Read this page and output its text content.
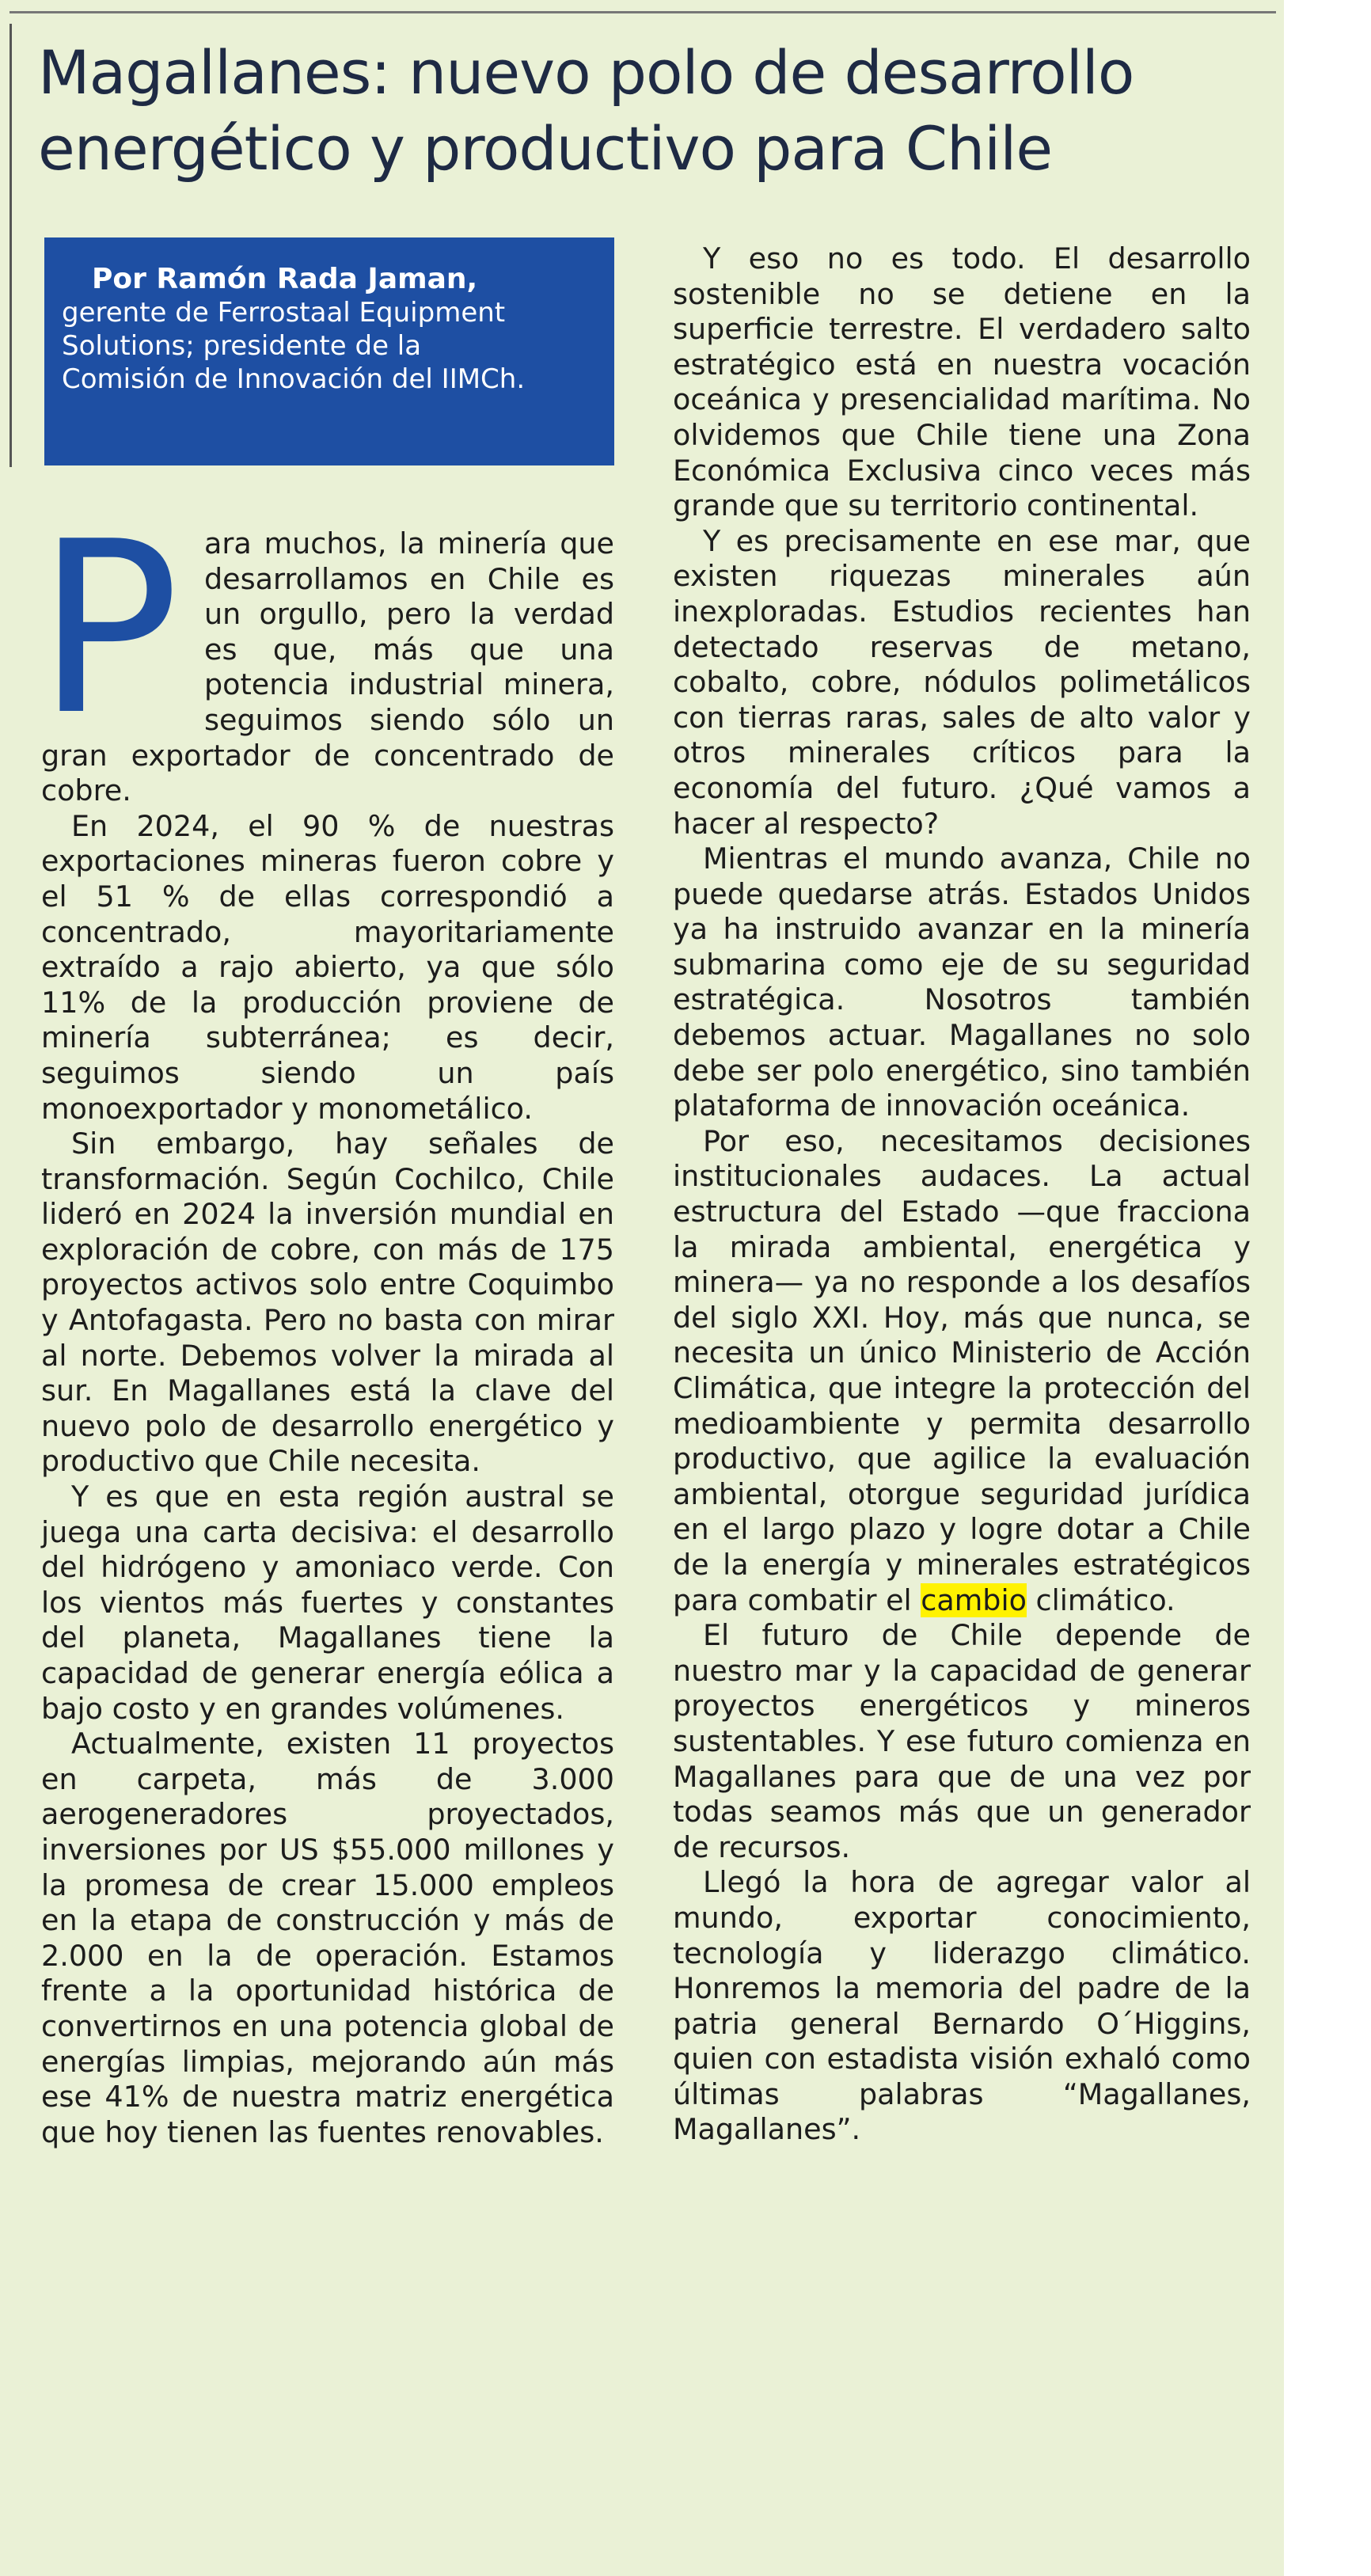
Magallanes: nuevo polo de desarrollo
energético y productivo para Chile
Por Ramón Rada Jaman,
gerente de Ferrostaal Equipment
Solutions; presidente de la
Comisión de Innovación del IIMCh.
P ara muchos, la minería que desarrollamos en Chile es un orgullo, pero la verdad es que, más que una potencia industrial minera, seguimos siendo sólo un gran exportador de concentrado de cobre.

En 2024, el 90 % de nuestras exportaciones mineras fueron cobre y el 51 % de ellas correspondió a concentrado, mayoritariamente extraído a rajo abierto, ya que sólo 11% de la producción proviene de minería subterránea; es decir, seguimos siendo un país monoexportador y monometálico.

Sin embargo, hay señales de transformación. Según Cochilco, Chile lideró en 2024 la inversión mundial en exploración de cobre, con más de 175 proyectos activos solo entre Coquimbo y Antofagasta. Pero no basta con mirar al norte. Debemos volver la mirada al sur. En Magallanes está la clave del nuevo polo de desarrollo energético y productivo que Chile necesita.

Y es que en esta región austral se juega una carta decisiva: el desarrollo del hidrógeno y amoniaco verde. Con los vientos más fuertes y constantes del planeta, Magallanes tiene la capacidad de generar energía eólica a bajo costo y en grandes volúmenes.

Actualmente, existen 11 proyectos en carpeta, más de 3.000 aerogeneradores proyectados, inversiones por US $55.000 millones y la promesa de crear 15.000 empleos en la etapa de construcción y más de 2.000 en la de operación. Estamos frente a la oportunidad histórica de convertirnos en una potencia global de energías limpias, mejorando aún más ese 41% de nuestra matriz energética que hoy tienen las fuentes renovables.

Y eso no es todo. El desarrollo sostenible no se detiene en la superficie terrestre. El verdadero salto estratégico está en nuestra vocación oceánica y presencialidad marítima. No olvidemos que Chile tiene una Zona Económica Exclusiva cinco veces más grande que su territorio continental.

Y es precisamente en ese mar, que existen riquezas minerales aún inexploradas. Estudios recientes han detectado reservas de metano, cobalto, cobre, nódulos polimetálicos con tierras raras, sales de alto valor y otros minerales críticos para la economía del futuro. ¿Qué vamos a hacer al respecto?

Mientras el mundo avanza, Chile no puede quedarse atrás. Estados Unidos ya ha instruido avanzar en la minería submarina como eje de su seguridad estratégica. Nosotros también debemos actuar. Magallanes no solo debe ser polo energético, sino también plataforma de innovación oceánica.

Por eso, necesitamos decisiones institucionales audaces. La actual estructura del Estado —que fracciona la mirada ambiental, energética y minera— ya no responde a los desafíos del siglo XXI. Hoy, más que nunca, se necesita un único Ministerio de Acción Climática, que integre la protección del medioambiente y permita desarrollo productivo, que agilice la evaluación ambiental, otorgue seguridad jurídica en el largo plazo y logre dotar a Chile de la energía y minerales estratégicos para combatir el cambio climático.

El futuro de Chile depende de nuestro mar y la capacidad de generar proyectos energéticos y mineros sustentables. Y ese futuro comienza en Magallanes para que de una vez por todas seamos más que un generador de recursos.

Llegó la hora de agregar valor al mundo, exportar conocimiento, tecnología y liderazgo climático. Honremos la memoria del padre de la patria general Bernardo O´Higgins, quien con estadista visión exhaló como últimas palabras “Magallanes, Magallanes”.
